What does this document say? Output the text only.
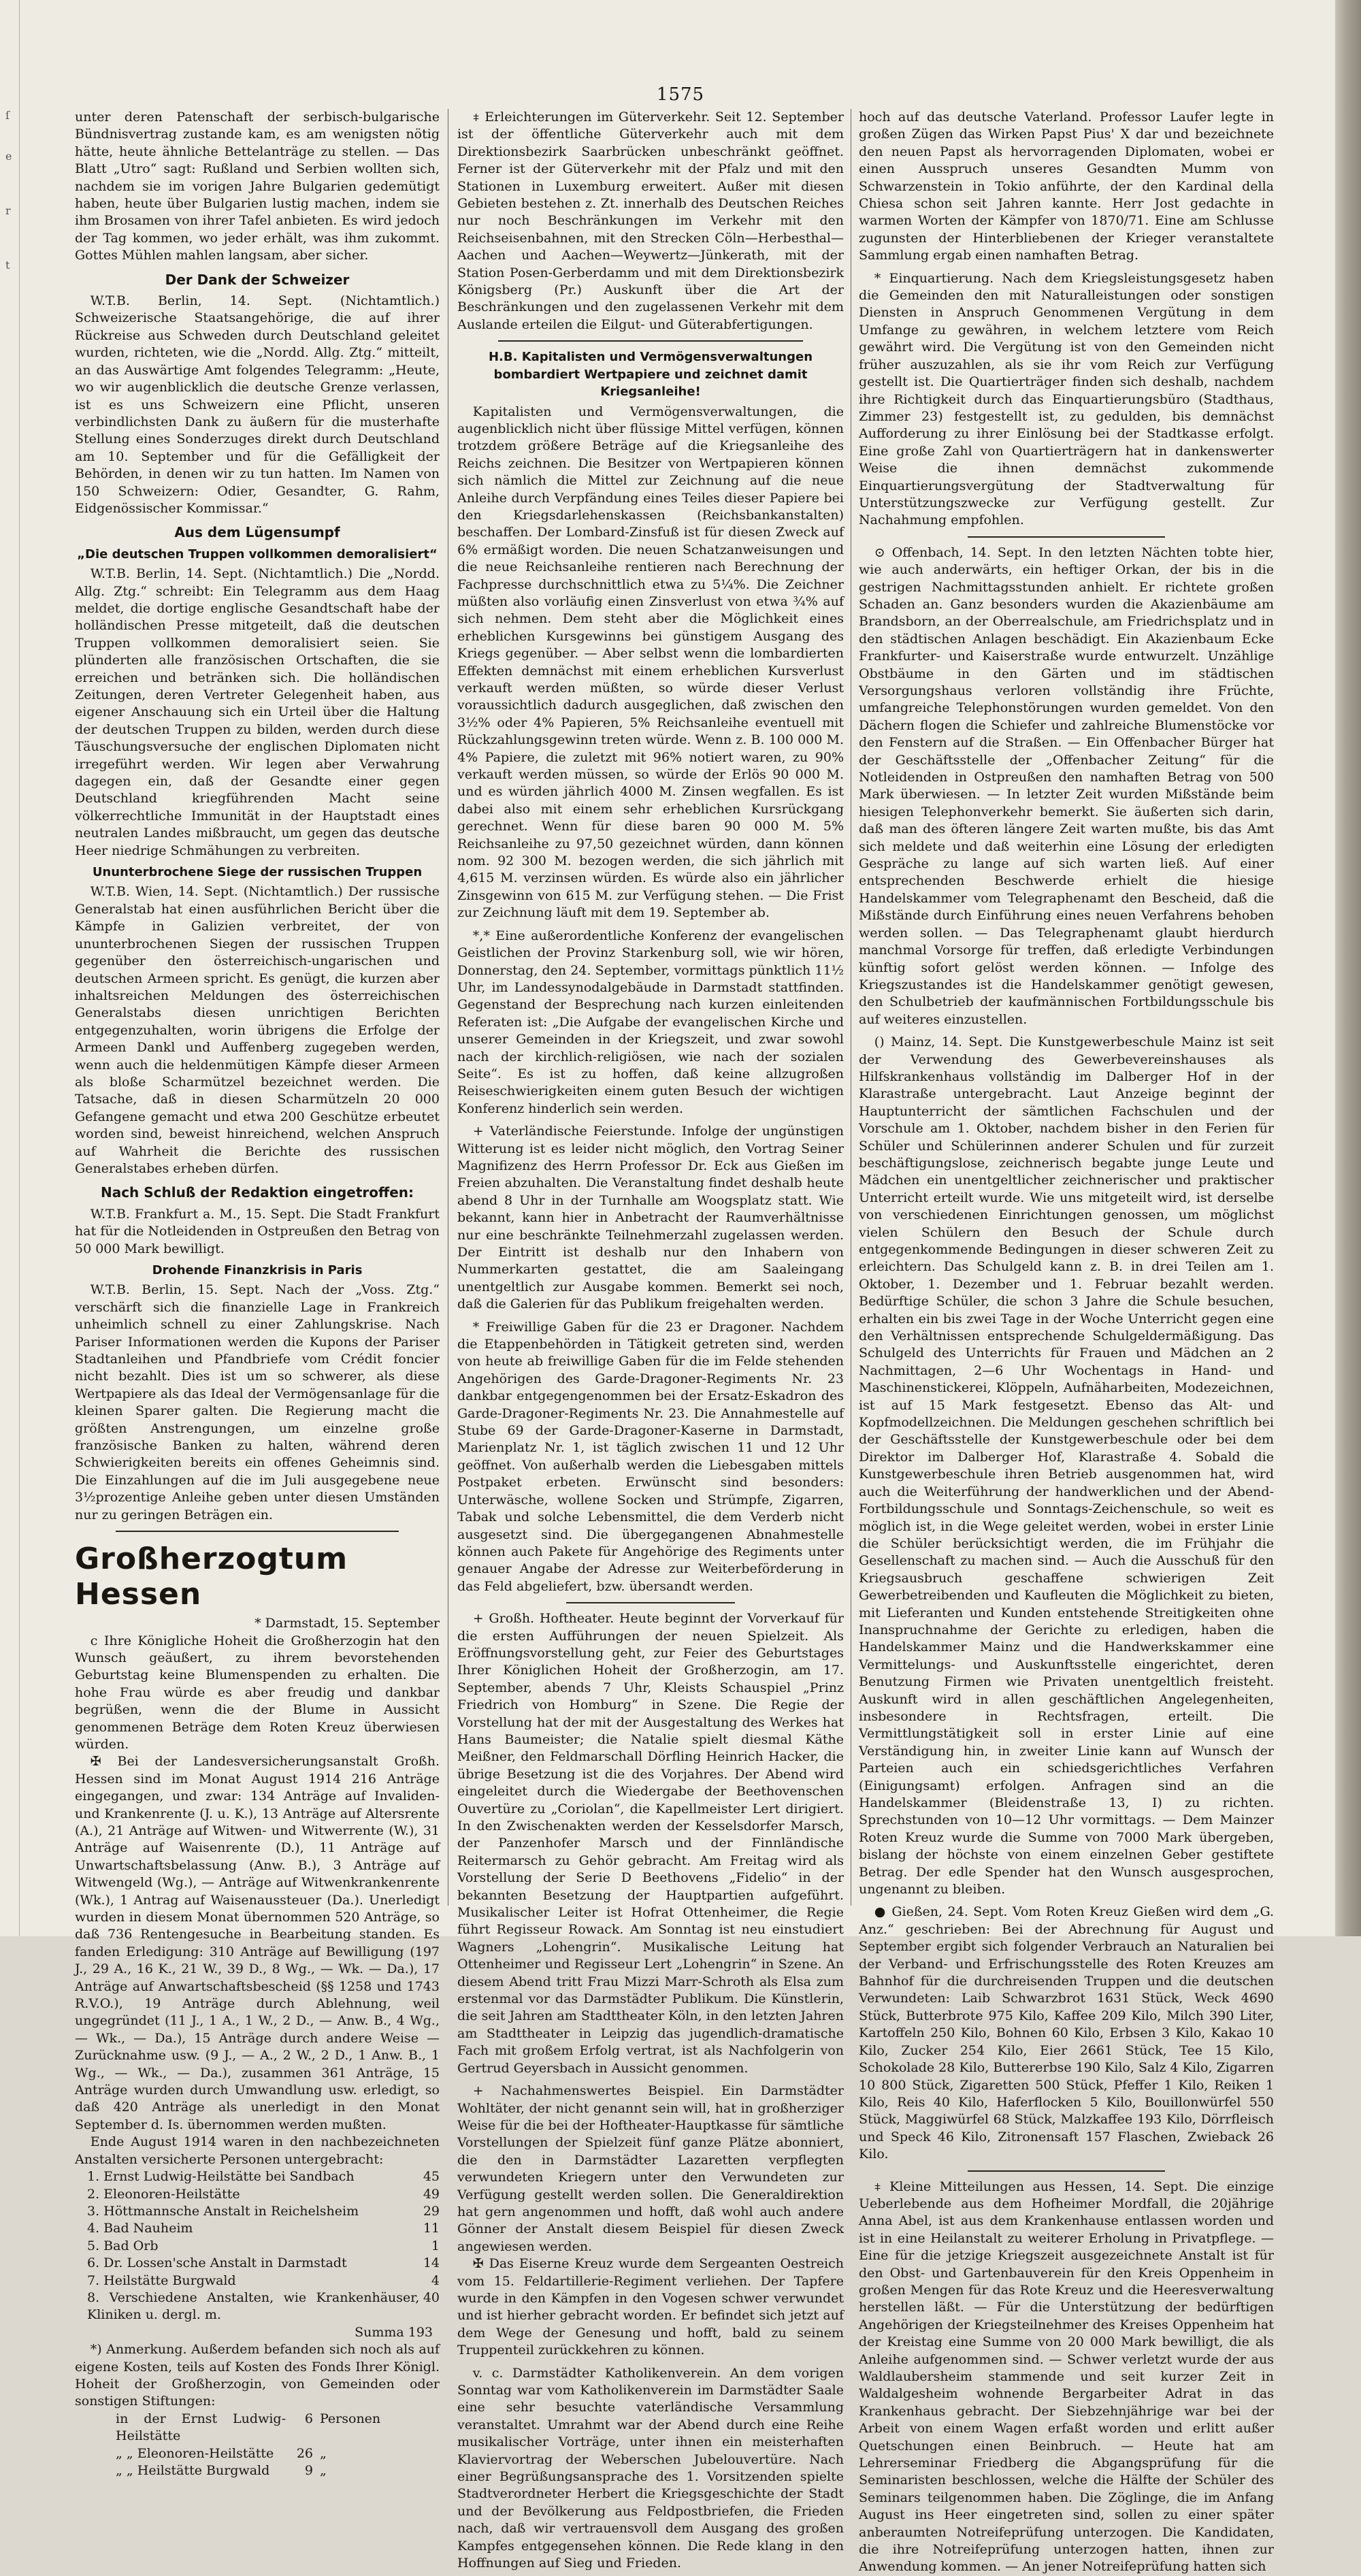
ſ
e
r
t
1575

unter deren Patenschaft der serbisch-bulgarische Bündnisvertrag zustande kam, es am wenigsten nötig hätte, heute ähnliche Bettelanträge zu stellen. — Das Blatt „Utro“ sagt: Rußland und Serbien wollten sich, nachdem sie im vorigen Jahre Bulgarien gedemütigt haben, heute über Bulgarien lustig machen, indem sie ihm Brosamen von ihrer Tafel anbieten. Es wird jedoch der Tag kommen, wo jeder erhält, was ihm zukommt. Gottes Mühlen mahlen langsam, aber sicher.

Der Dank der Schweizer

W.T.B. Berlin, 14. Sept. (Nichtamtlich.) Schweizerische Staatsangehörige, die auf ihrer Rückreise aus Schweden durch Deutschland geleitet wurden, richteten, wie die „Nordd. Allg. Ztg.“ mitteilt, an das Auswärtige Amt folgendes Telegramm: „Heute, wo wir augenblicklich die deutsche Grenze verlassen, ist es uns Schweizern eine Pflicht, unseren verbindlichsten Dank zu äußern für die musterhafte Stellung eines Sonderzuges direkt durch Deutschland am 10. September und für die Gefälligkeit der Behörden, in denen wir zu tun hatten. Im Namen von 150 Schweizern: Odier, Gesandter, G. Rahm, Eidgenössischer Kommissar.“

Aus dem Lügensumpf
„Die deutschen Truppen vollkommen demoralisiert“

W.T.B. Berlin, 14. Sept. (Nichtamtlich.) Die „Nordd. Allg. Ztg.“ schreibt: Ein Telegramm aus dem Haag meldet, die dortige englische Gesandtschaft habe der holländischen Presse mitgeteilt, daß die deutschen Truppen vollkommen demoralisiert seien. Sie plünderten alle französischen Ortschaften, die sie erreichen und betränken sich. Die holländischen Zeitungen, deren Vertreter Gelegenheit haben, aus eigener Anschauung sich ein Urteil über die Haltung der deutschen Truppen zu bilden, werden durch diese Täuschungsversuche der englischen Diplomaten nicht irregeführt werden. Wir legen aber Verwahrung dagegen ein, daß der Gesandte einer gegen Deutschland kriegführenden Macht seine völkerrechtliche Immunität in der Hauptstadt eines neutralen Landes mißbraucht, um gegen das deutsche Heer niedrige Schmähungen zu verbreiten.

Ununterbrochene Siege der russischen Truppen

W.T.B. Wien, 14. Sept. (Nichtamtlich.) Der russische Generalstab hat einen ausführlichen Bericht über die Kämpfe in Galizien verbreitet, der von ununterbrochenen Siegen der russischen Truppen gegenüber den österreichisch-ungarischen und deutschen Armeen spricht. Es genügt, die kurzen aber inhaltsreichen Meldungen des österreichischen Generalstabs diesen unrichtigen Berichten entgegenzuhalten, worin übrigens die Erfolge der Armeen Dankl und Auffenberg zugegeben werden, wenn auch die heldenmütigen Kämpfe dieser Armeen als bloße Scharmützel bezeichnet werden. Die Tatsache, daß in diesen Scharmützeln 20 000 Gefangene gemacht und etwa 200 Geschütze erbeutet worden sind, beweist hinreichend, welchen Anspruch auf Wahrheit die Berichte des russischen Generalstabes erheben dürfen.

Nach Schluß der Redaktion eingetroffen:

W.T.B. Frankfurt a. M., 15. Sept. Die Stadt Frankfurt hat für die Notleidenden in Ostpreußen den Betrag von 50 000 Mark bewilligt.

Drohende Finanzkrisis in Paris

W.T.B. Berlin, 15. Sept. Nach der „Voss. Ztg.“ verschärft sich die finanzielle Lage in Frankreich unheimlich schnell zu einer Zahlungskrise. Nach Pariser Informationen werden die Kupons der Pariser Stadtanleihen und Pfandbriefe vom Crédit foncier nicht bezahlt. Dies ist um so schwerer, als diese Wertpapiere als das Ideal der Vermögensanlage für die kleinen Sparer galten. Die Regierung macht die größten Anstrengungen, um einzelne große französische Banken zu halten, während deren Schwierigkeiten bereits ein offenes Geheimnis sind. Die Einzahlungen auf die im Juli ausgegebene neue 3½prozentige Anleihe geben unter diesen Umständen nur zu geringen Beträgen ein.

Großherzogtum Hessen

* Darmstadt, 15. September

c Ihre Königliche Hoheit die Großherzogin hat den Wunsch geäußert, zu ihrem bevorstehenden Geburtstag keine Blumenspenden zu erhalten. Die hohe Frau würde es aber freudig und dankbar begrüßen, wenn die der Blume in Aussicht genommenen Beträge dem Roten Kreuz überwiesen würden.

✠ Bei der Landesversicherungsanstalt Großh. Hessen sind im Monat August 1914 216 Anträge eingegangen, und zwar: 134 Anträge auf Invaliden- und Krankenrente (J. u. K.), 13 Anträge auf Altersrente (A.), 21 Anträge auf Witwen- und Witwerrente (W.), 31 Anträge auf Waisenrente (D.), 11 Anträge auf Unwartschaftsbelassung (Anw. B.), 3 Anträge auf Witwengeld (Wg.), — Anträge auf Witwenkrankenrente (Wk.), 1 Antrag auf Waisenaussteuer (Da.). Unerledigt wurden in diesem Monat übernommen 520 Anträge, so daß 736 Rentengesuche in Bearbeitung standen. Es fanden Erledigung: 310 Anträge auf Bewilligung (197 J., 29 A., 16 K., 21 W., 39 D., 8 Wg., — Wk. — Da.), 17 Anträge auf Anwartschaftsbescheid (§§ 1258 und 1743 R.V.O.), 19 Anträge durch Ablehnung, weil ungegründet (11 J., 1 A., 1 W., 2 D., — Anw. B., 4 Wg., — Wk., — Da.), 15 Anträge durch andere Weise — Zurücknahme usw. (9 J., — A., 2 W., 2 D., 1 Anw. B., 1 Wg., — Wk., — Da.), zusammen 361 Anträge, 15 Anträge wurden durch Umwandlung usw. erledigt, so daß 420 Anträge als unerledigt in den Monat September d. Is. übernommen werden mußten.

Ende August 1914 waren in den nachbezeichneten Anstalten versicherte Personen untergebracht:

1. Ernst Ludwig-Heilstätte bei Sandbach	45
2. Eleonoren-Heilstätte	49
3. Höttmannsche Anstalt in Reichelsheim	29
4. Bad Nauheim	11
5. Bad Orb	1
6. Dr. Lossen'sche Anstalt in Darmstadt	14
7. Heilstätte Burgwald	4
8. Verschiedene Anstalten, wie Krankenhäuser, Kliniken u. dergl. m.
40

Summa 193

*) Anmerkung. Außerdem befanden sich noch als auf eigene Kosten, teils auf Kosten des Fonds Ihrer Königl. Hoheit der Großherzogin, von Gemeinden oder sonstigen Stiftungen:

in der Ernst Ludwig-Heilstätte
6 Personen
„ „ Eleonoren-Heilstätte	26 „
„ „ Heilstätte Burgwald	9 „

⧧ Erleichterungen im Güterverkehr. Seit 12. September ist der öffentliche Güterverkehr auch mit dem Direktionsbezirk Saarbrücken unbeschränkt geöffnet. Ferner ist der Güterverkehr mit der Pfalz und mit den Stationen in Luxemburg erweitert. Außer mit diesen Gebieten bestehen z. Zt. innerhalb des Deutschen Reiches nur noch Beschränkungen im Verkehr mit den Reichseisenbahnen, mit den Strecken Cöln—Herbesthal—Aachen und Aachen—Weywertz—Jünkerath, mit der Station Posen-Gerberdamm und mit dem Direktionsbezirk Königsberg (Pr.) Auskunft über die Art der Beschränkungen und den zugelassenen Verkehr mit dem Auslande erteilen die Eilgut- und Güterabfertigungen.

H.B. Kapitalisten und Vermögensverwaltungen bombardiert Wertpapiere und zeichnet damit Kriegsanleihe!

Kapitalisten und Vermögensverwaltungen, die augenblicklich nicht über flüssige Mittel verfügen, können trotzdem größere Beträge auf die Kriegsanleihe des Reichs zeichnen. Die Besitzer von Wertpapieren können sich nämlich die Mittel zur Zeichnung auf die neue Anleihe durch Verpfändung eines Teiles dieser Papiere bei den Kriegsdarlehenskassen (Reichsbankanstalten) beschaffen. Der Lombard-Zinsfuß ist für diesen Zweck auf 6% ermäßigt worden. Die neuen Schatzanweisungen und die neue Reichsanleihe rentieren nach Berechnung der Fachpresse durchschnittlich etwa zu 5¼%. Die Zeichner müßten also vorläufig einen Zinsverlust von etwa ¾% auf sich nehmen. Dem steht aber die Möglichkeit eines erheblichen Kursgewinns bei günstigem Ausgang des Kriegs gegenüber. — Aber selbst wenn die lombardierten Effekten demnächst mit einem erheblichen Kursverlust verkauft werden müßten, so würde dieser Verlust voraussichtlich dadurch ausgeglichen, daß zwischen den 3½% oder 4% Papieren, 5% Reichsanleihe eventuell mit Rückzahlungsgewinn treten würde. Wenn z. B. 100 000 M. 4% Papiere, die zuletzt mit 96% notiert waren, zu 90% verkauft werden müssen, so würde der Erlös 90 000 M. und es würden jährlich 4000 M. Zinsen wegfallen. Es ist dabei also mit einem sehr erheblichen Kursrückgang gerechnet. Wenn für diese baren 90 000 M. 5% Reichsanleihe zu 97,50 gezeichnet würden, dann können nom. 92 300 M. bezogen werden, die sich jährlich mit 4,615 M. verzinsen würden. Es würde also ein jährlicher Zinsgewinn von 615 M. zur Verfügung stehen. — Die Frist zur Zeichnung läuft mit dem 19. September ab.

*,* Eine außerordentliche Konferenz der evangelischen Geistlichen der Provinz Starkenburg soll, wie wir hören, Donnerstag, den 24. September, vormittags pünktlich 11½ Uhr, im Landessynodalgebäude in Darmstadt stattfinden. Gegenstand der Besprechung nach kurzen einleitenden Referaten ist: „Die Aufgabe der evangelischen Kirche und unserer Gemeinden in der Kriegszeit, und zwar sowohl nach der kirchlich-religiösen, wie nach der sozialen Seite“. Es ist zu hoffen, daß keine allzugroßen Reiseschwierigkeiten einem guten Besuch der wichtigen Konferenz hinderlich sein werden.

+ Vaterländische Feierstunde. Infolge der ungünstigen Witterung ist es leider nicht möglich, den Vortrag Seiner Magnifizenz des Herrn Professor Dr. Eck aus Gießen im Freien abzuhalten. Die Veranstaltung findet deshalb heute abend 8 Uhr in der Turnhalle am Woogsplatz statt. Wie bekannt, kann hier in Anbetracht der Raumverhältnisse nur eine beschränkte Teilnehmerzahl zugelassen werden. Der Eintritt ist deshalb nur den Inhabern von Nummerkarten gestattet, die am Saaleingang unentgeltlich zur Ausgabe kommen. Bemerkt sei noch, daß die Galerien für das Publikum freigehalten werden.

* Freiwillige Gaben für die 23 er Dragoner. Nachdem die Etappenbehörden in Tätigkeit getreten sind, werden von heute ab freiwillige Gaben für die im Felde stehenden Angehörigen des Garde-Dragoner-Regiments Nr. 23 dankbar entgegengenommen bei der Ersatz-Eskadron des Garde-Dragoner-Regiments Nr. 23. Die Annahmestelle auf Stube 69 der Garde-Dragoner-Kaserne in Darmstadt, Marienplatz Nr. 1, ist täglich zwischen 11 und 12 Uhr geöffnet. Von außerhalb werden die Liebesgaben mittels Postpaket erbeten. Erwünscht sind besonders: Unterwäsche, wollene Socken und Strümpfe, Zigarren, Tabak und solche Lebensmittel, die dem Verderb nicht ausgesetzt sind. Die übergegangenen Abnahmestelle können auch Pakete für Angehörige des Regiments unter genauer Angabe der Adresse zur Weiterbeförderung in das Feld abgeliefert, bzw. übersandt werden.

+ Großh. Hoftheater. Heute beginnt der Vorverkauf für die ersten Aufführungen der neuen Spielzeit. Als Eröffnungsvorstellung geht, zur Feier des Geburtstages Ihrer Königlichen Hoheit der Großherzogin, am 17. September, abends 7 Uhr, Kleists Schauspiel „Prinz Friedrich von Homburg“ in Szene. Die Regie der Vorstellung hat der mit der Ausgestaltung des Werkes hat Hans Baumeister; die Natalie spielt diesmal Käthe Meißner, den Feldmarschall Dörfling Heinrich Hacker, die übrige Besetzung ist die des Vorjahres. Der Abend wird eingeleitet durch die Wiedergabe der Beethovenschen Ouvertüre zu „Coriolan“, die Kapellmeister Lert dirigiert. In den Zwischenakten werden der Kesselsdorfer Marsch, der Panzenhofer Marsch und der Finnländische Reitermarsch zu Gehör gebracht. Am Freitag wird als Vorstellung der Serie D Beethovens „Fidelio“ in der bekannten Besetzung der Hauptpartien aufgeführt. Musikalischer Leiter ist Hofrat Ottenheimer, die Regie führt Regisseur Rowack. Am Sonntag ist neu einstudiert Wagners „Lohengrin“. Musikalische Leitung hat Ottenheimer und Regisseur Lert „Lohengrin“ in Szene. An diesem Abend tritt Frau Mizzi Marr-Schroth als Elsa zum erstenmal vor das Darmstädter Publikum. Die Künstlerin, die seit Jahren am Stadttheater Köln, in den letzten Jahren am Stadttheater in Leipzig das jugendlich-dramatische Fach mit großem Erfolg vertrat, ist als Nachfolgerin von Gertrud Geyersbach in Aussicht genommen.

+ Nachahmenswertes Beispiel. Ein Darmstädter Wohltäter, der nicht genannt sein will, hat in großherziger Weise für die bei der Hoftheater-Hauptkasse für sämtliche Vorstellungen der Spielzeit fünf ganze Plätze abonniert, die den in Darmstädter Lazaretten verpflegten verwundeten Kriegern unter den Verwundeten zur Verfügung gestellt werden sollen. Die Generaldirektion hat gern angenommen und hofft, daß wohl auch andere Gönner der Anstalt diesem Beispiel für diesen Zweck angewiesen werden.

✠ Das Eiserne Kreuz wurde dem Sergeanten Oestreich vom 15. Feldartillerie-Regiment verliehen. Der Tapfere wurde in den Kämpfen in den Vogesen schwer verwundet und ist hierher gebracht worden. Er befindet sich jetzt auf dem Wege der Genesung und hofft, bald zu seinem Truppenteil zurückkehren zu können.

v. c. Darmstädter Katholikenverein. An dem vorigen Sonntag war vom Katholikenverein im Darmstädter Saale eine sehr besuchte vaterländische Versammlung veranstaltet. Umrahmt war der Abend durch eine Reihe musikalischer Vorträge, unter ihnen ein meisterhaften Klaviervortrag der Weberschen Jubelouvertüre. Nach einer Begrüßungsansprache des 1. Vorsitzenden spielte Stadtverordneter Herbert die Kriegsgeschichte der Stadt und der Bevölkerung aus Feldpostbriefen, die Frieden nach, daß wir vertrauensvoll dem Ausgang des großen Kampfes entgegensehen können. Die Rede klang in den Hoffnungen auf Sieg und Frieden.

hoch auf das deutsche Vaterland. Professor Laufer legte in großen Zügen das Wirken Papst Pius' X dar und bezeichnete den neuen Papst als hervorragenden Diplomaten, wobei er einen Ausspruch unseres Gesandten Mumm von Schwarzenstein in Tokio anführte, der den Kardinal della Chiesa schon seit Jahren kannte. Herr Jost gedachte in warmen Worten der Kämpfer von 1870/71. Eine am Schlusse zugunsten der Hinterbliebenen der Krieger veranstaltete Sammlung ergab einen namhaften Betrag.

* Einquartierung. Nach dem Kriegsleistungsgesetz haben die Gemeinden den mit Naturalleistungen oder sonstigen Diensten in Anspruch Genommenen Vergütung in dem Umfange zu gewähren, in welchem letztere vom Reich gewährt wird. Die Vergütung ist von den Gemeinden nicht früher auszuzahlen, als sie ihr vom Reich zur Verfügung gestellt ist. Die Quartierträger finden sich deshalb, nachdem ihre Richtigkeit durch das Einquartierungsbüro (Stadthaus, Zimmer 23) festgestellt ist, zu gedulden, bis demnächst Aufforderung zu ihrer Einlösung bei der Stadtkasse erfolgt. Eine große Zahl von Quartierträgern hat in dankenswerter Weise die ihnen demnächst zukommende Einquartierungsvergütung der Stadtverwaltung für Unterstützungszwecke zur Verfügung gestellt. Zur Nachahmung empfohlen.

⊙ Offenbach, 14. Sept. In den letzten Nächten tobte hier, wie auch anderwärts, ein heftiger Orkan, der bis in die gestrigen Nachmittagsstunden anhielt. Er richtete großen Schaden an. Ganz besonders wurden die Akazienbäume am Brandsborn, an der Oberrealschule, am Friedrichsplatz und in den städtischen Anlagen beschädigt. Ein Akazienbaum Ecke Frankfurter- und Kaiserstraße wurde entwurzelt. Unzählige Obstbäume in den Gärten und im städtischen Versorgungshaus verloren vollständig ihre Früchte, umfangreiche Telephonstörungen wurden gemeldet. Von den Dächern flogen die Schiefer und zahlreiche Blumenstöcke vor den Fenstern auf die Straßen. — Ein Offenbacher Bürger hat der Geschäftsstelle der „Offenbacher Zeitung“ für die Notleidenden in Ostpreußen den namhaften Betrag von 500 Mark überwiesen. — In letzter Zeit wurden Mißstände beim hiesigen Telephonverkehr bemerkt. Sie äußerten sich darin, daß man des öfteren längere Zeit warten mußte, bis das Amt sich meldete und daß weiterhin eine Lösung der erledigten Gespräche zu lange auf sich warten ließ. Auf einer entsprechenden Beschwerde erhielt die hiesige Handelskammer vom Telegraphenamt den Bescheid, daß die Mißstände durch Einführung eines neuen Verfahrens behoben werden sollen. — Das Telegraphenamt glaubt hierdurch manchmal Vorsorge für treffen, daß erledigte Verbindungen künftig sofort gelöst werden können. — Infolge des Kriegszustandes ist die Handelskammer genötigt gewesen, den Schulbetrieb der kaufmännischen Fortbildungsschule bis auf weiteres einzustellen.

() Mainz, 14. Sept. Die Kunstgewerbeschule Mainz ist seit der Verwendung des Gewerbevereinshauses als Hilfskrankenhaus vollständig im Dalberger Hof in der Klarastraße untergebracht. Laut Anzeige beginnt der Hauptunterricht der sämtlichen Fachschulen und der Vorschule am 1. Oktober, nachdem bisher in den Ferien für Schüler und Schülerinnen anderer Schulen und für zurzeit beschäftigungslose, zeichnerisch begabte junge Leute und Mädchen ein unentgeltlicher zeichnerischer und praktischer Unterricht erteilt wurde. Wie uns mitgeteilt wird, ist derselbe von verschiedenen Einrichtungen genossen, um möglichst vielen Schülern den Besuch der Schule durch entgegenkommende Bedingungen in dieser schweren Zeit zu erleichtern. Das Schulgeld kann z. B. in drei Teilen am 1. Oktober, 1. Dezember und 1. Februar bezahlt werden. Bedürftige Schüler, die schon 3 Jahre die Schule besuchen, erhalten ein bis zwei Tage in der Woche Unterricht gegen eine den Verhältnissen entsprechende Schulgeldermäßigung. Das Schulgeld des Unterrichts für Frauen und Mädchen an 2 Nachmittagen, 2—6 Uhr Wochentags in Hand- und Maschinenstickerei, Klöppeln, Aufnäharbeiten, Modezeichnen, ist auf 15 Mark festgesetzt. Ebenso das Alt- und Kopfmodellzeichnen. Die Meldungen geschehen schriftlich bei der Geschäftsstelle der Kunstgewerbeschule oder bei dem Direktor im Dalberger Hof, Klarastraße 4. Sobald die Kunstgewerbeschule ihren Betrieb ausgenommen hat, wird auch die Weiterführung der handwerklichen und der Abend-Fortbildungsschule und Sonntags-Zeichenschule, so weit es möglich ist, in die Wege geleitet werden, wobei in erster Linie die Schüler berücksichtigt werden, die im Frühjahr die Gesellenschaft zu machen sind. — Auch die Ausschuß für den Kriegsausbruch geschaffene schwierigen Zeit Gewerbetreibenden und Kaufleuten die Möglichkeit zu bieten, mit Lieferanten und Kunden entstehende Streitigkeiten ohne Inanspruchnahme der Gerichte zu erledigen, haben die Handelskammer Mainz und die Handwerkskammer eine Vermittelungs- und Auskunftsstelle eingerichtet, deren Benutzung Firmen wie Privaten unentgeltlich freisteht. Auskunft wird in allen geschäftlichen Angelegenheiten, insbesondere in Rechtsfragen, erteilt. Die Vermittlungstätigkeit soll in erster Linie auf eine Verständigung hin, in zweiter Linie kann auf Wunsch der Parteien auch ein schiedsgerichtliches Verfahren (Einigungsamt) erfolgen. Anfragen sind an die Handelskammer (Bleidenstraße 13, I) zu richten. Sprechstunden von 10—12 Uhr vormittags. — Dem Mainzer Roten Kreuz wurde die Summe von 7000 Mark übergeben, bislang der höchste von einem einzelnen Geber gestiftete Betrag. Der edle Spender hat den Wunsch ausgesprochen, ungenannt zu bleiben.

● Gießen, 24. Sept. Vom Roten Kreuz Gießen wird dem „G. Anz.“ geschrieben: Bei der Abrechnung für August und September ergibt sich folgender Verbrauch an Naturalien bei der Verband- und Erfrischungsstelle des Roten Kreuzes am Bahnhof für die durchreisenden Truppen und die deutschen Verwundeten: Laib Schwarzbrot 1631 Stück, Weck 4690 Stück, Butterbrote 975 Kilo, Kaffee 209 Kilo, Milch 390 Liter, Kartoffeln 250 Kilo, Bohnen 60 Kilo, Erbsen 3 Kilo, Kakao 10 Kilo, Zucker 254 Kilo, Eier 2661 Stück, Tee 15 Kilo, Schokolade 28 Kilo, Buttererbse 190 Kilo, Salz 4 Kilo, Zigarren 10 800 Stück, Zigaretten 500 Stück, Pfeffer 1 Kilo, Reiken 1 Kilo, Reis 40 Kilo, Haferflocken 5 Kilo, Bouillonwürfel 550 Stück, Maggiwürfel 68 Stück, Malzkaffee 193 Kilo, Dörrfleisch und Speck 46 Kilo, Zitronensaft 157 Flaschen, Zwieback 26 Kilo.

⧧ Kleine Mitteilungen aus Hessen, 14. Sept. Die einzige Ueberlebende aus dem Hofheimer Mordfall, die 20jährige Anna Abel, ist aus dem Krankenhause entlassen worden und ist in eine Heilanstalt zu weiterer Erholung in Privatpflege. — Eine für die jetzige Kriegszeit ausgezeichnete Anstalt ist für den Obst- und Gartenbauverein für den Kreis Oppenheim in großen Mengen für das Rote Kreuz und die Heeresverwaltung herstellen läßt. — Für die Unterstützung der bedürftigen Angehörigen der Kriegsteilnehmer des Kreises Oppenheim hat der Kreistag eine Summe von 20 000 Mark bewilligt, die als Anleihe aufgenommen sind. — Schwer verletzt wurde der aus Waldlaubersheim stammende und seit kurzer Zeit in Waldalgesheim wohnende Bergarbeiter Adrat in das Krankenhaus gebracht. Der Siebzehnjährige war bei der Arbeit von einem Wagen erfaßt worden und erlitt außer Quetschungen einen Beinbruch. — Heute hat am Lehrerseminar Friedberg die Abgangsprüfung für die Seminaristen beschlossen, welche die Hälfte der Schüler des Seminars teilgenommen haben. Die Zöglinge, die im Anfang August ins Heer eingetreten sind, sollen zu einer später anberaumten Notreifeprüfung unterzogen. Die Kandidaten, die ihre Notreifeprüfung unterzogen hatten, ihnen zur Anwendung kommen. — An jener Notreifeprüfung hatten sich
